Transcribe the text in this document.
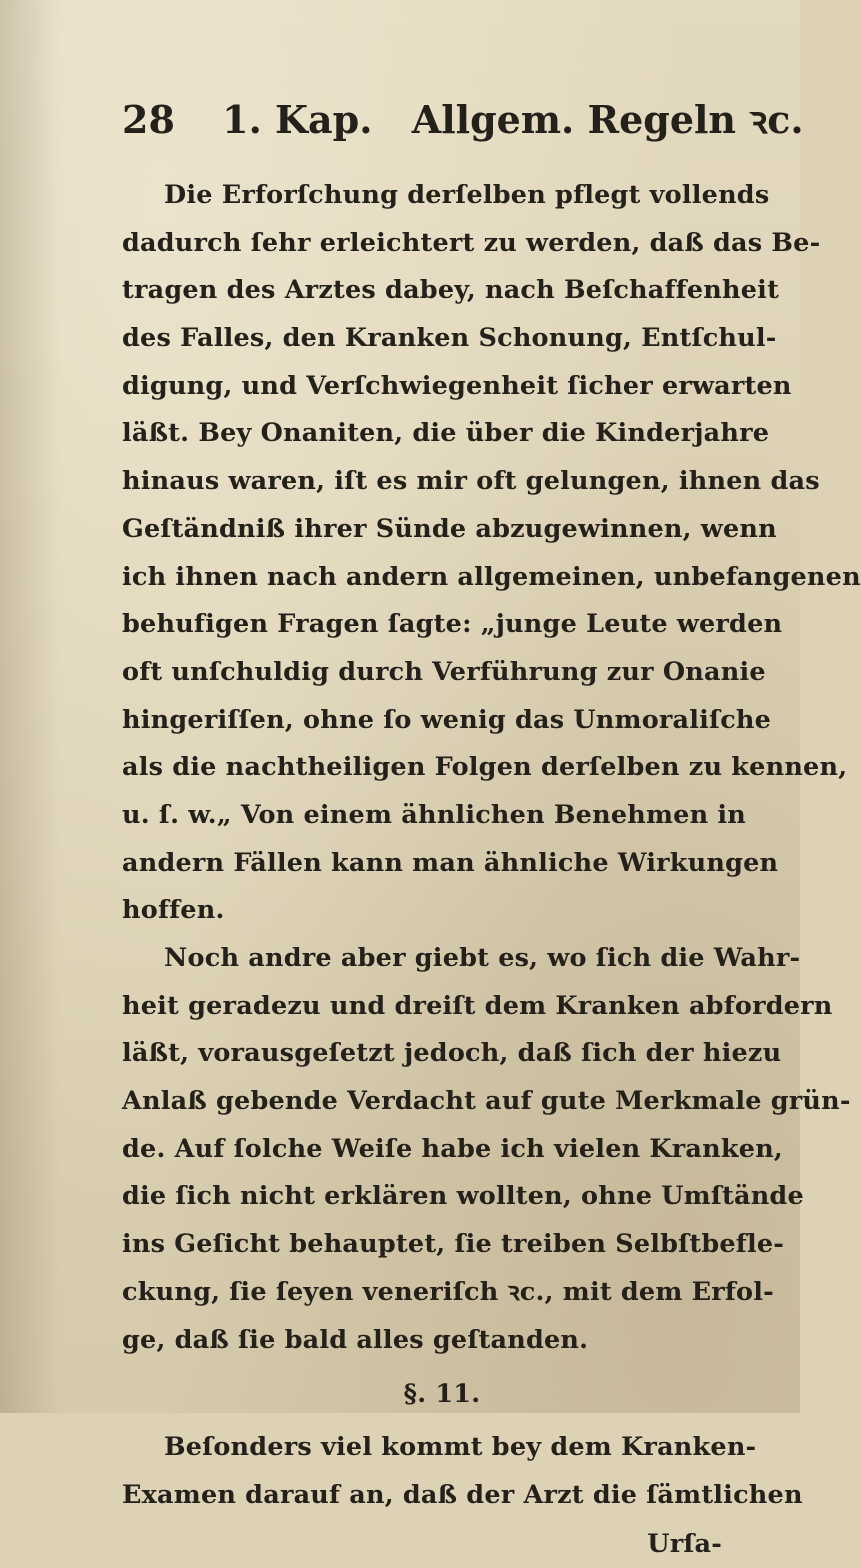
28 1. Kap. Allgem. Regeln ꝛc.
Die Erforſchung derſelben pflegt vollends
dadurch ſehr erleichtert zu werden, daß das Be-
tragen des Arztes dabey, nach Beſchaffenheit
des Falles, den Kranken Schonung, Entſchul-
digung, und Verſchwiegenheit ſicher erwarten
läßt. Bey Onaniten, die über die Kinderjahre
hinaus waren, iſt es mir oft gelungen, ihnen das
Geſtändniß ihrer Sünde abzugewinnen, wenn
ich ihnen nach andern allgemeinen, unbefangenen
behufigen Fragen ſagte: „junge Leute werden
oft unſchuldig durch Verführung zur Onanie
hingeriſſen, ohne ſo wenig das Unmoraliſche
als die nachtheiligen Folgen derſelben zu kennen,
u. ſ. w.„ Von einem ähnlichen Benehmen in
andern Fällen kann man ähnliche Wirkungen
hoffen.
Noch andre aber giebt es, wo ſich die Wahr-
heit geradezu und dreiſt dem Kranken abfordern
läßt, vorausgeſetzt jedoch, daß ſich der hiezu
Anlaß gebende Verdacht auf gute Merkmale grün-
de. Auf ſolche Weiſe habe ich vielen Kranken,
die ſich nicht erklären wollten, ohne Umſtände
ins Geſicht behauptet, ſie treiben Selbſtbefle-
ckung, ſie ſeyen veneriſch ꝛc., mit dem Erfol-
ge, daß ſie bald alles geſtanden.
§. 11.
Beſonders viel kommt bey dem Kranken-
Examen darauf an, daß der Arzt die ſämtlichen
Urſa-
